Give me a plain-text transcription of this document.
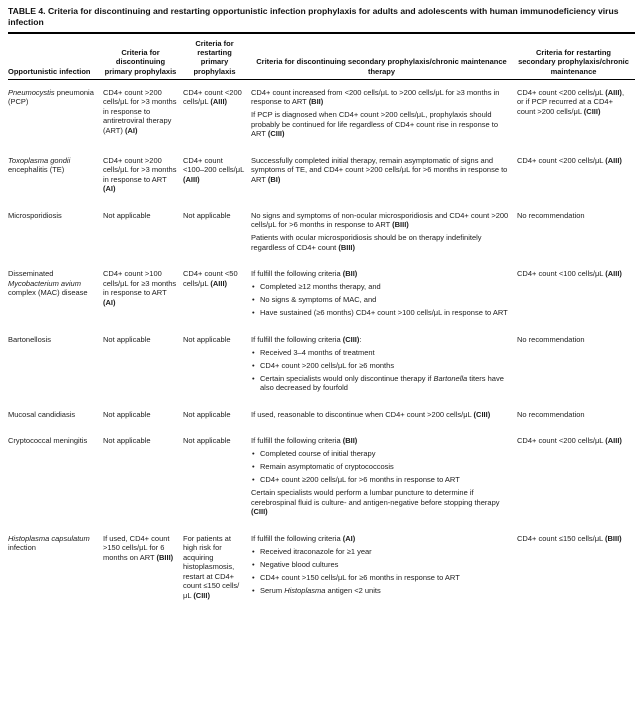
TABLE 4. Criteria for discontinuing and restarting opportunistic infection prophylaxis for adults and adolescents with human immunodeficiency virus infection
Opportunistic infection	Criteria for discontinuing primary prophylaxis	Criteria for restarting primary prophylaxis	Criteria for discontinuing secondary prophylaxis/​chronic maintenance therapy	Criteria for restarting secondary prophylaxis/​chronic maintenance

Pneumocystis pneumonia (PCP)	CD4+ count >200 cells/μL for >3 months in response to antiretroviral therapy (ART) (AI)	CD4+ count <200 cells/μL (AIII)	CD4+ count increased from <200 cells/μL to >200 cells/μL for ≥3 months in response to ART (BII)
If PCP is diagnosed when CD4+ count >200 cells/μL, prophylaxis should probably be continued for life regardless of CD4+ count rise in response to ART (CIII)	CD4+ count <200 cells/μL (AIII), or if PCP recurred at a CD4+ count >200 cells/μL (CIII)

Toxoplasma gondii encephalitis (TE)	CD4+ count >200 cells/μL for >3 months in response to ART (AI)	CD4+ count <100–200 cells/μL (AIII)	Successfully completed initial therapy, remain asymptomatic of signs and symptoms of TE, and CD4+ count >200 cells/μL for >6 months in response to ART (BI)	CD4+ count <200 cells/μL (AIII)

Microsporidiosis	Not applicable	Not applicable	No signs and symptoms of non-ocular microsporidiosis and CD4+ count >200 cells/μL for >6 months in response to ART (BIII)
Patients with ocular microsporidiosis should be on therapy indefinitely regardless of CD4+ count (BIII)	No recommendation

Disseminated Mycobacterium avium complex (MAC) disease	CD4+ count >100 cells/μL for ≥3 months in response to ART (AI)	CD4+ count <50 cells/μL (AIII)	If fulfill the following criteria (BII)
• Completed ≥12 months therapy, and
• No signs & symptoms of MAC, and
• Have sustained (≥6 months) CD4+ count >100 cells/μL in response to ART	CD4+ count <100 cells/μL (AIII)

Bartonellosis	Not applicable	Not applicable	If fulfill the following criteria (CIII):
• Received 3–4 months of treatment
• CD4+ count >200 cells/μL for ≥6 months
• Certain specialists would only discontinue therapy if Bartonella titers have also decreased by fourfold	No recommendation

Mucosal candidiasis	Not applicable	Not applicable	If used, reasonable to discontinue when CD4+ count >200 cells/μL (CIII)	No recommendation

Cryptococcal meningitis	Not applicable	Not applicable	If fulfill the following criteria (BII)
• Completed course of initial therapy
• Remain asymptomatic of cryptococcosis
• CD4+ count ≥200 cells/μL for >6 months in response to ART
Certain specialists would perform a lumbar puncture to determine if cerebrospinal fluid is culture- and antigen-negative before stopping therapy (CIII)	CD4+ count <200 cells/μL (AIII)

Histoplasma capsulatum infection	If used, CD4+ count >150 cells/μL for 6 months on ART (BIII)	For patients at high risk for acquiring histoplasmosis, restart at CD4+ count ≤150 cells/μL (CIII)	If fulfill the following criteria (AI)
• Received itraconazole for ≥1 year
• Negative blood cultures
• CD4+ count >150 cells/μL for ≥6 months in response to ART
• Serum Histoplasma antigen <2 units	CD4+ count ≤150 cells/μL (BIII)
